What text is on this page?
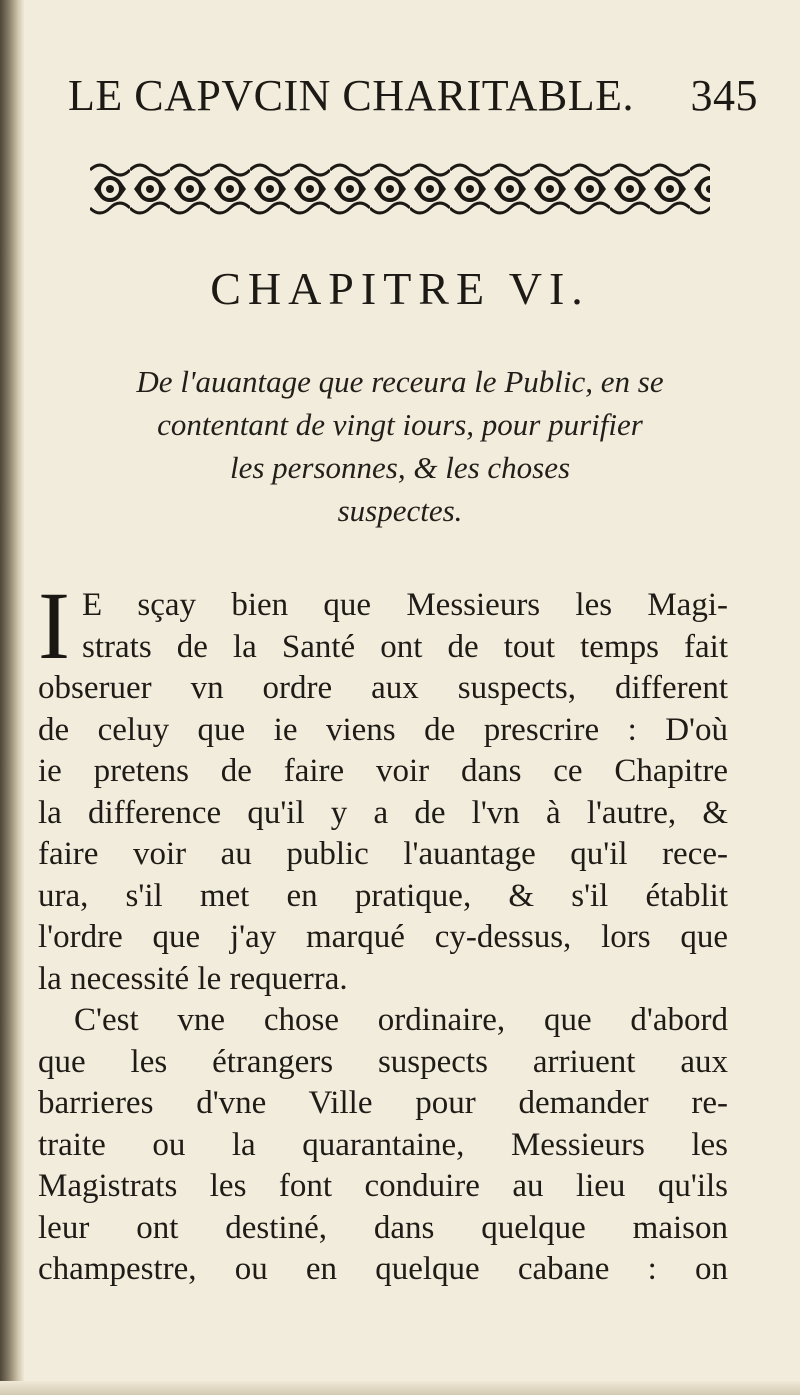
LE CAPVCIN CHARITABLE. 345
CHAPITRE VI.
De l'auantage que receura le Public, en se
contentant de vingt iours, pour purifier
les personnes, & les choses
suspectes.
I E sçay bien que Messieurs les Magi-
strats de la Santé ont de tout temps fait
obseruer vn ordre aux suspects, different
de celuy que ie viens de prescrire : D'où
ie pretens de faire voir dans ce Chapitre
la difference qu'il y a de l'vn à l'autre, &
faire voir au public l'auantage qu'il rece-
ura, s'il met en pratique, & s'il établit
l'ordre que j'ay marqué cy-dessus, lors que
la necessité le requerra.
C'est vne chose ordinaire, que d'abord
que les étrangers suspects arriuent aux
barrieres d'vne Ville pour demander re-
traite ou la quarantaine, Messieurs les
Magistrats les font conduire au lieu qu'ils
leur ont destiné, dans quelque maison
champestre, ou en quelque cabane : on
